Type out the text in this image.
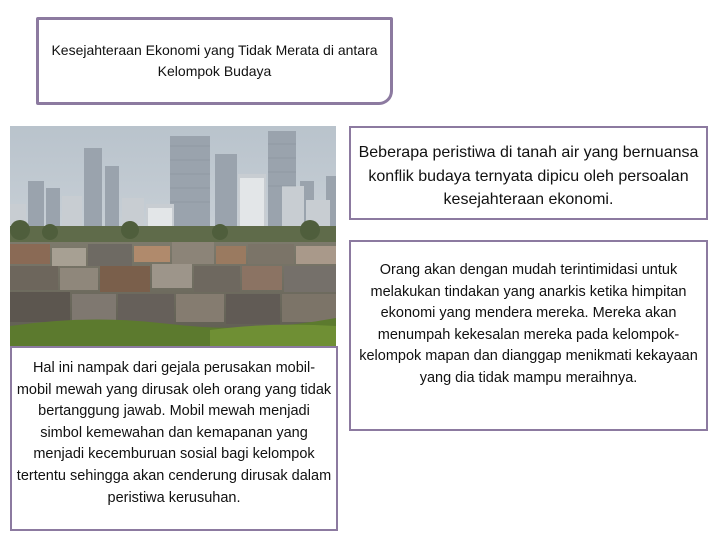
Kesejahteraan Ekonomi yang Tidak Merata di antara Kelompok Budaya
Hal ini nampak dari gejala perusakan mobil-mobil mewah yang dirusak oleh orang yang tidak bertanggung jawab. Mobil mewah menjadi simbol kemewahan dan kemapanan yang menjadi kecemburuan sosial bagi kelompok tertentu sehingga akan cenderung dirusak dalam peristiwa kerusuhan.
Beberapa peristiwa di tanah air yang bernuansa konflik budaya ternyata dipicu oleh persoalan kesejahteraan ekonomi.
Orang akan dengan mudah terintimidasi untuk melakukan tindakan yang anarkis ketika himpitan ekonomi yang mendera mereka. Mereka akan menumpah kekesalan mereka pada kelompok-kelompok mapan dan dianggap menikmati kekayaan yang dia tidak mampu meraihnya.
